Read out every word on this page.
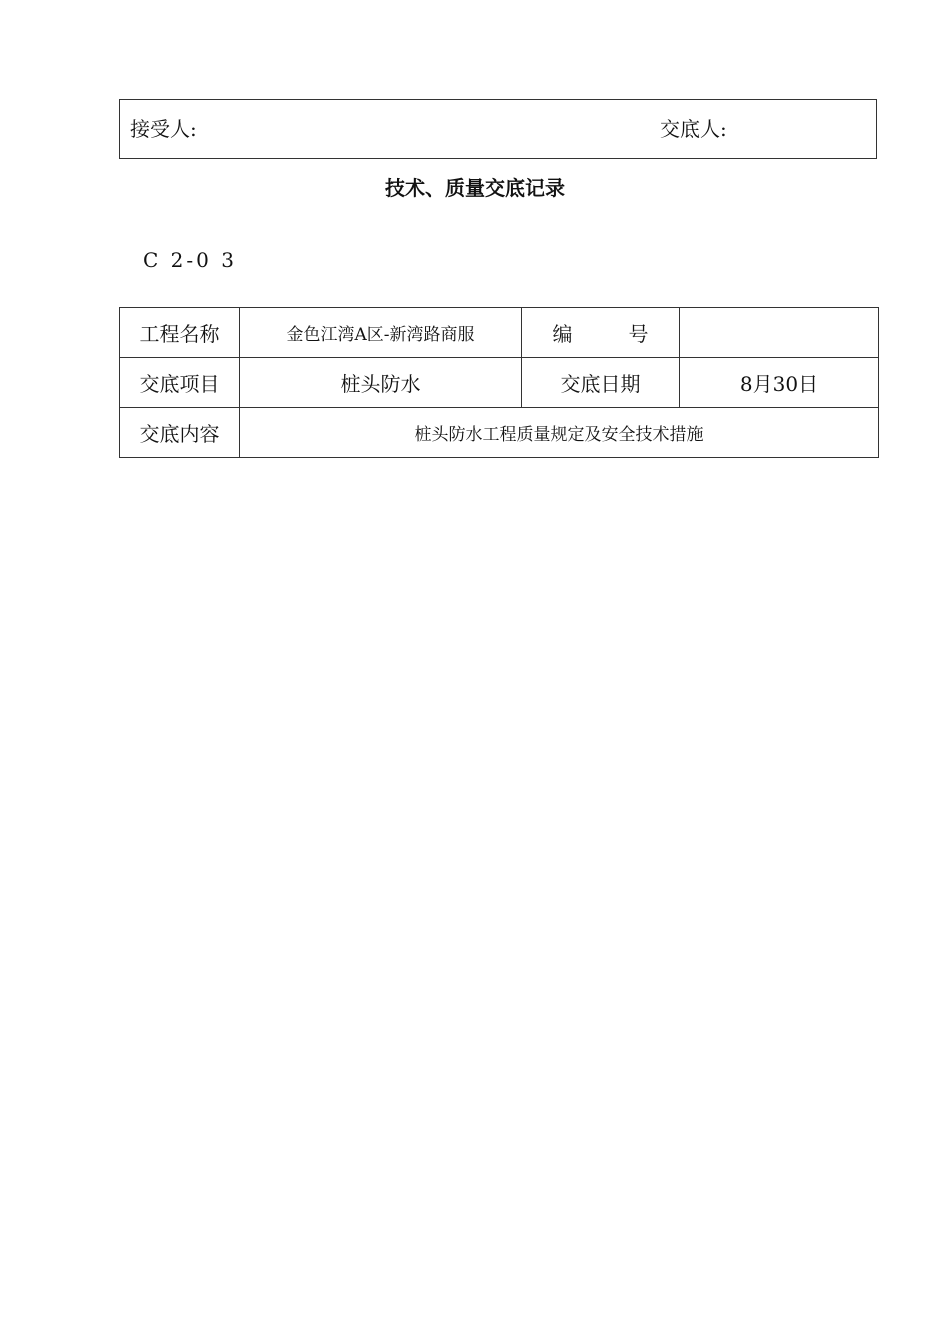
接受人:	交底人:
技术、质量交底记录
C 2-0 3
工程名称	金色江湾A区-新湾路商服	编 号	
交底项目	桩头防水	交底日期	8月30日
交底内容	桩头防水工程质量规定及安全技术措施		
